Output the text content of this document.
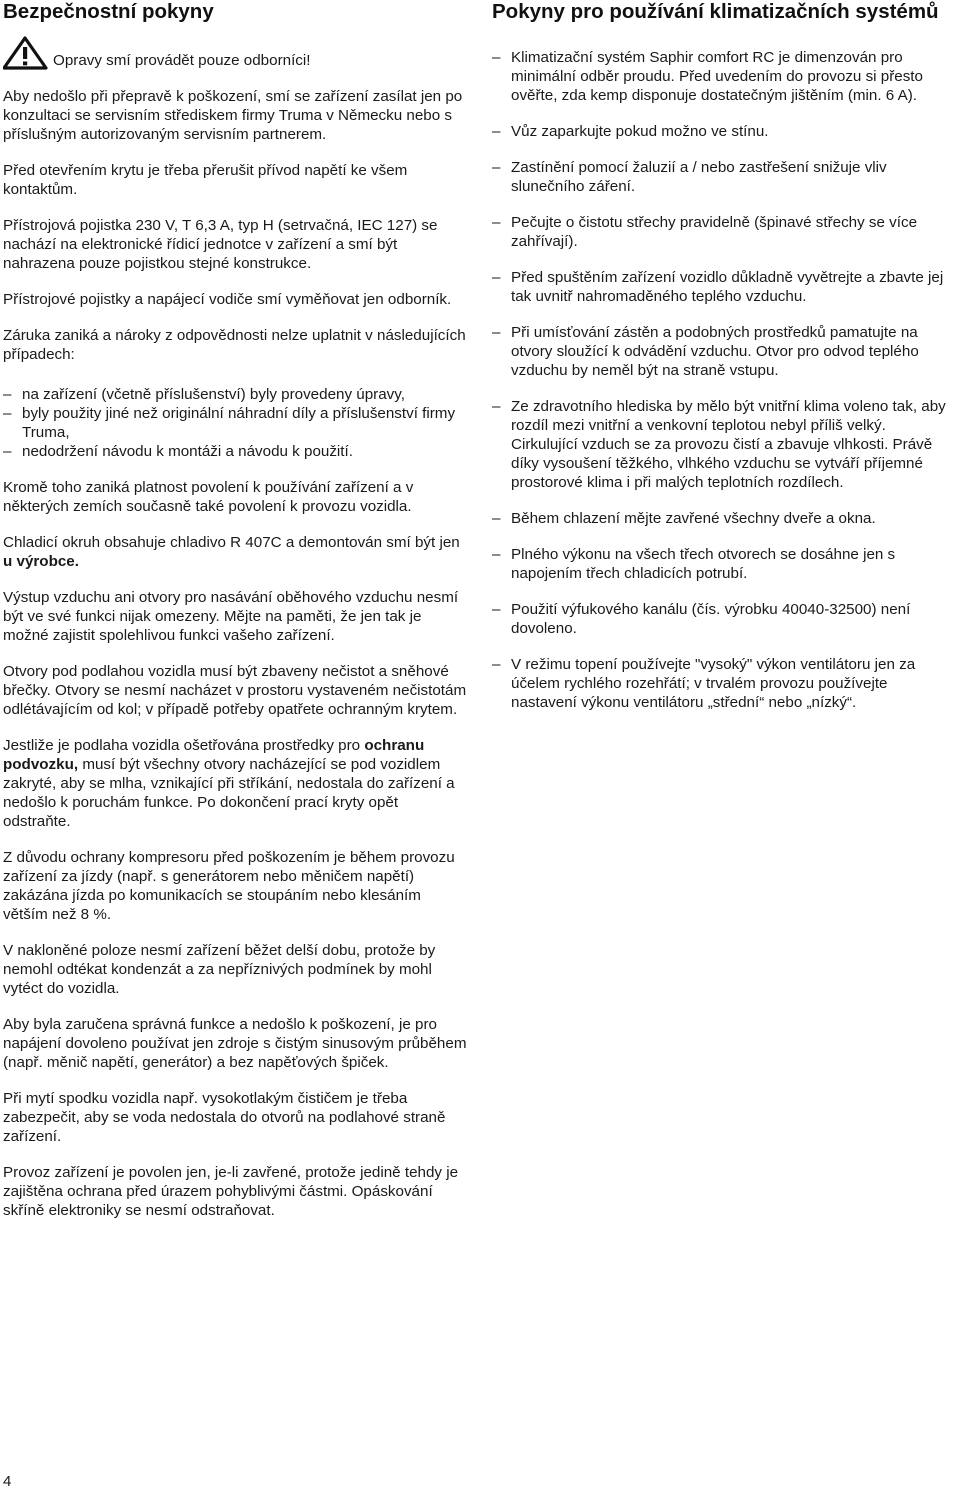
Bezpečnostní pokyny
Opravy smí provádět pouze odborníci!

Aby nedošlo při přepravě k poškození, smí se zařízení zasílat jen po konzultaci se servisním střediskem firmy Truma v Německu nebo s příslušným autorizovaným servisním partnerem.

Před otevřením krytu je třeba přerušit přívod napětí ke všem kontaktům.

Přístrojová pojistka 230 V, T 6,3 A, typ H (setrvačná, IEC 127) se nachází na elektronické řídicí jednotce v zařízení a smí být nahrazena pouze pojistkou stejné konstrukce.

Přístrojové pojistky a napájecí vodiče smí vyměňovat jen odborník.

Záruka zaniká a nároky z odpovědnosti nelze uplatnit v následujících případech:

– na zařízení (včetně příslušenství) byly provedeny úpravy,
– byly použity jiné než originální náhradní díly a příslušenství firmy Truma,
– nedodržení návodu k montáži a návodu k použití.

Kromě toho zaniká platnost povolení k používání zařízení a v některých zemích současně také povolení k provozu vozidla.

Chladicí okruh obsahuje chladivo R 407C a demontován smí být jen u výrobce.

Výstup vzduchu ani otvory pro nasávání oběhového vzduchu nesmí být ve své funkci nijak omezeny. Mějte na paměti, že jen tak je možné zajistit spolehlivou funkci vašeho zařízení.

Otvory pod podlahou vozidla musí být zbaveny nečistot a sněhové břečky. Otvory se nesmí nacházet v prostoru vystaveném nečistotám odlétávajícím od kol; v případě potřeby opatřete ochranným krytem.

Jestliže je podlaha vozidla ošetřována prostředky pro ochranu podvozku, musí být všechny otvory nacházející se pod vozidlem zakryté, aby se mlha, vznikající při stříkání, nedostala do zařízení a nedošlo k poruchám funkce. Po dokončení prací kryty opět odstraňte.

Z důvodu ochrany kompresoru před poškozením je během provozu zařízení za jízdy (např. s generátorem nebo měničem napětí) zakázána jízda po komunikacích se stoupáním nebo klesáním větším než 8 %.

V nakloněné poloze nesmí zařízení běžet delší dobu, protože by nemohl odtékat kondenzát a za nepříznivých podmínek by mohl vytéct do vozidla.

Aby byla zaručena správná funkce a nedošlo k poškození, je pro napájení dovoleno používat jen zdroje s čistým sinusovým průběhem (např. měnič napětí, generátor) a bez napěťových špiček.

Při mytí spodku vozidla např. vysokotlakým čističem je třeba zabezpečit, aby se voda nedostala do otvorů na podlahové straně zařízení.

Provoz zařízení je povolen jen, je-li zavřené, protože jedině tehdy je zajištěna ochrana před úrazem pohyblivými částmi. Opáskování skříně elektroniky se nesmí odstraňovat.

Pokyny pro používání klimatizačních systémů
– Klimatizační systém Saphir comfort RC je dimenzován pro minimální odběr proudu. Před uvedením do provozu si přesto ověřte, zda kemp disponuje dostatečným jištěním (min. 6 A).
– Vůz zaparkujte pokud možno ve stínu.
– Zastínění pomocí žaluzií a / nebo zastřešení snižuje vliv slunečního záření.
– Pečujte o čistotu střechy pravidelně (špinavé střechy se více zahřívají).
– Před spuštěním zařízení vozidlo důkladně vyvětrejte a zbavte jej tak uvnitř nahromaděného teplého vzduchu.
– Při umísťování zástěn a podobných prostředků pamatujte na otvory sloužící k odvádění vzduchu. Otvor pro odvod teplého vzduchu by neměl být na straně vstupu.
– Ze zdravotního hlediska by mělo být vnitřní klima voleno tak, aby rozdíl mezi vnitřní a venkovní teplotou nebyl příliš velký. Cirkulující vzduch se za provozu čistí a zbavuje vlhkosti. Právě díky vysoušení těžkého, vlhkého vzduchu se vytváří příjemné prostorové klima i při malých teplotních rozdílech.
– Během chlazení mějte zavřené všechny dveře a okna.
– Plného výkonu na všech třech otvorech se dosáhne jen s napojením třech chladicích potrubí.
– Použití výfukového kanálu (čís. výrobku 40040-32500) není dovoleno.
– V režimu topení používejte "vysoký" výkon ventilátoru jen za účelem rychlého rozehřátí; v trvalém provozu používejte nastavení výkonu ventilátoru „střední“ nebo „nízký“.
4
